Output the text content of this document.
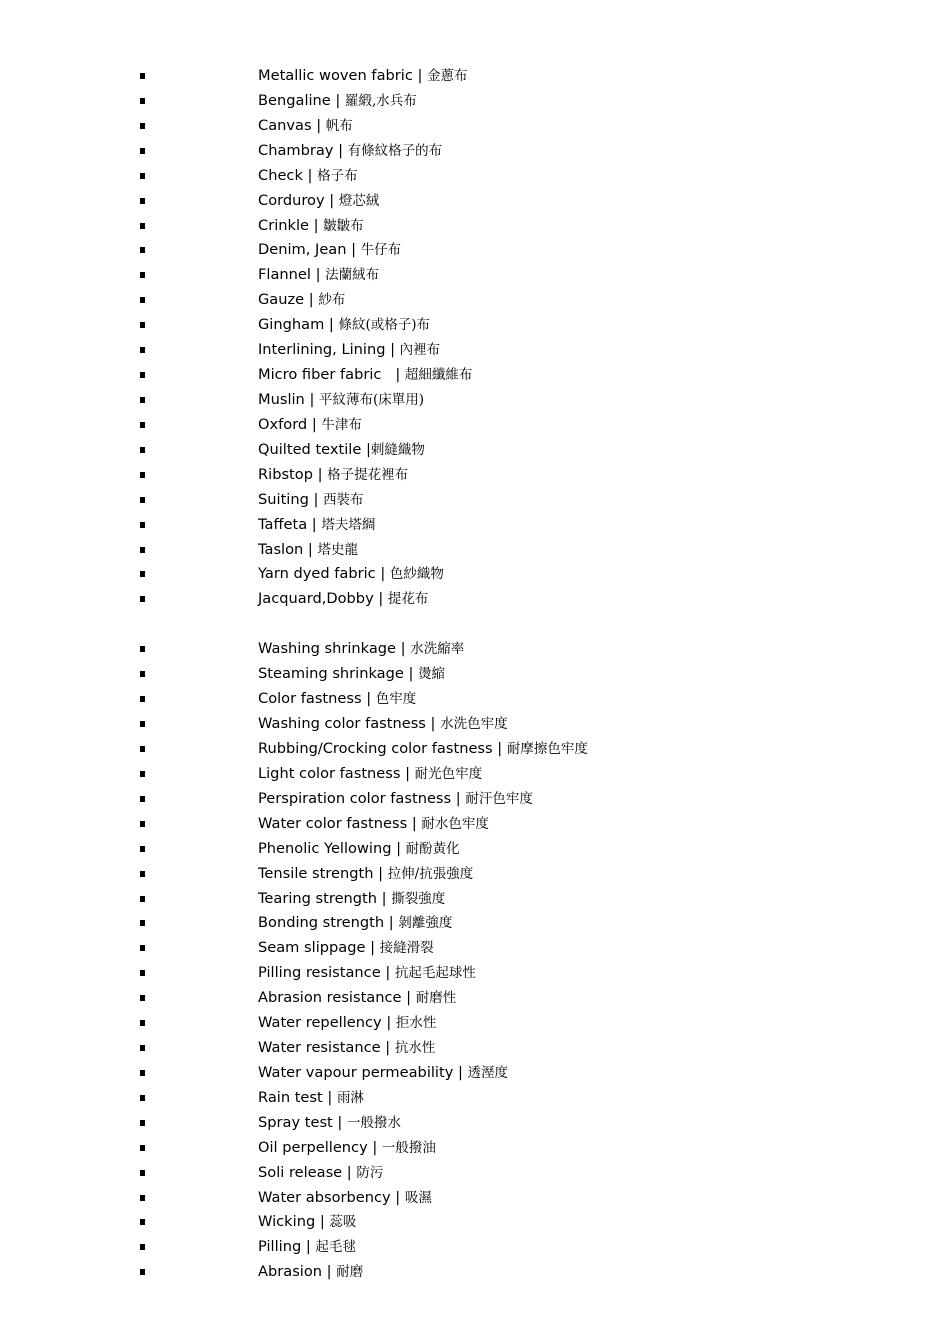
Metallic woven fabric | 金蔥布
Bengaline | 羅緞,水兵布
Canvas | 帆布
Chambray | 有條紋格子的布
Check | 格子布
Corduroy | 燈芯絨
Crinkle | 皺皺布
Denim, Jean | 牛仔布
Flannel | 法蘭絨布
Gauze | 紗布
Gingham | 條紋(或格子)布
Interlining, Lining | 內裡布
Micro fiber fabric   | 超細纖維布
Muslin | 平紋薄布(床單用)
Oxford | 牛津布
Quilted textile |剌縫織物
Ribstop | 格子提花裡布
Suiting | 西裝布
Taffeta | 塔夫塔綢
Taslon | 塔史龍
Yarn dyed fabric | 色紗織物
Jacquard,Dobby | 提花布
Washing shrinkage | 水洗縮率
Steaming shrinkage | 燙縮
Color fastness | 色牢度
Washing color fastness | 水洗色牢度
Rubbing/Crocking color fastness | 耐摩擦色牢度
Light color fastness | 耐光色牢度
Perspiration color fastness | 耐汗色牢度
Water color fastness | 耐水色牢度
Phenolic Yellowing | 耐酚黃化
Tensile strength | 拉伸/抗張強度
Tearing strength | 撕裂強度
Bonding strength | 剝離強度
Seam slippage | 接縫滑裂
Pilling resistance | 抗起毛起球性
Abrasion resistance | 耐磨性
Water repellency | 拒水性
Water resistance | 抗水性
Water vapour permeability | 透溼度
Rain test | 雨淋
Spray test | 一般撥水
Oil perpellency | 一般撥油
Soli release | 防污
Water absorbency | 吸濕
Wicking | 蕊吸
Pilling | 起毛毬
Abrasion | 耐磨
